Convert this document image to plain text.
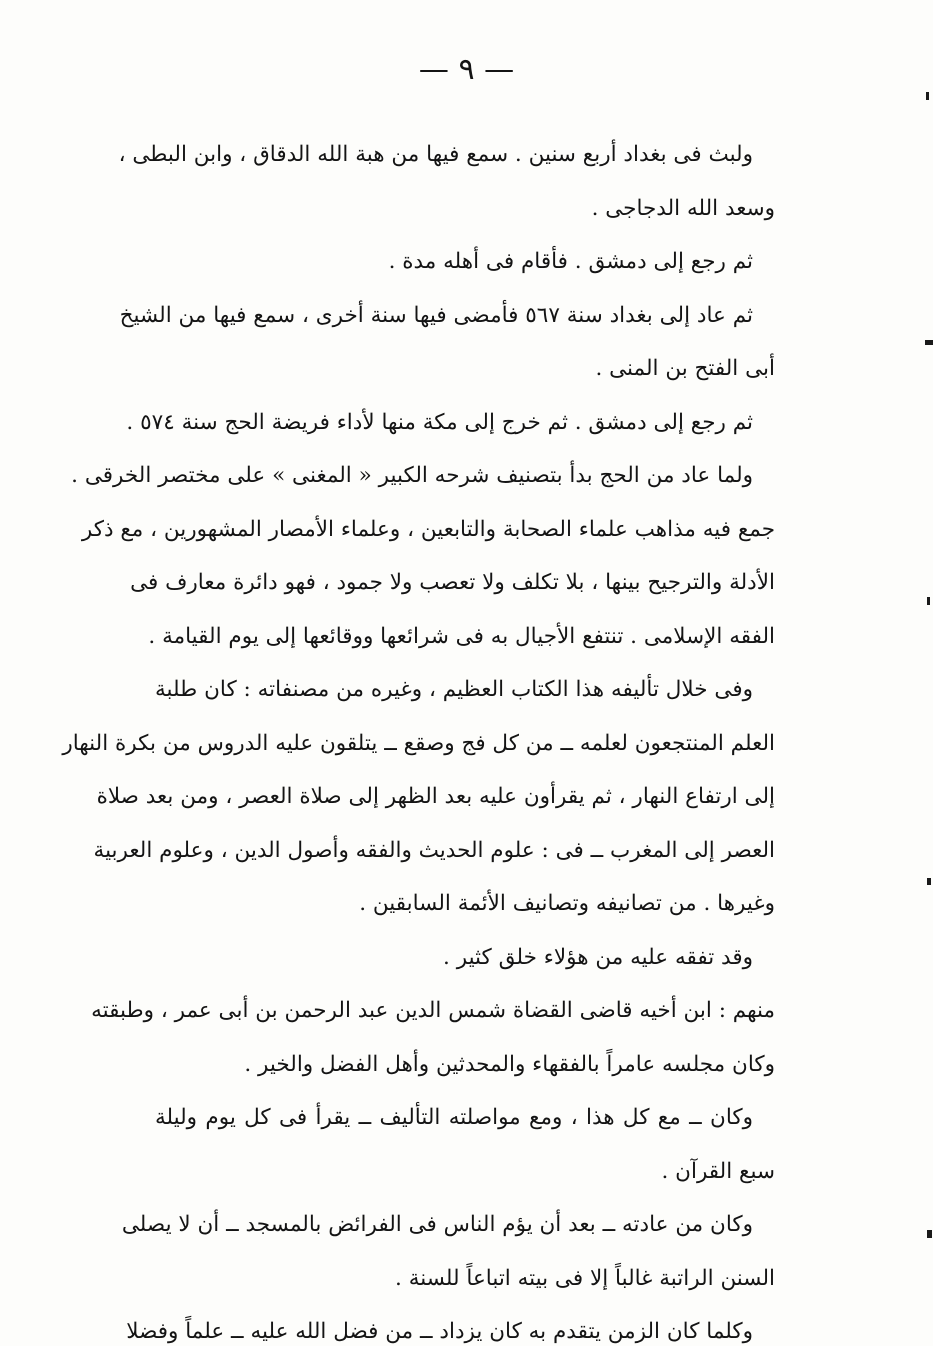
— ٩ —
ولبث فى بغداد أربع سنين . سمع فيها من هبة الله الدقاق ، وابن البطى ،
وسعد الله الدجاجى .
ثم رجع إلى دمشق . فأقام فى أهله مدة .
ثم عاد إلى بغداد سنة ٥٦٧ فأمضى فيها سنة أخرى ، سمع فيها من الشيخ
أبى الفتح بن المنى .
ثم رجع إلى دمشق . ثم خرج إلى مكة منها لأداء فريضة الحج سنة ٥٧٤ .
ولما عاد من الحج بدأ بتصنيف شرحه الكبير « المغنى » على مختصر الخرقى .
جمع فيه مذاهب علماء الصحابة والتابعين ، وعلماء الأمصار المشهورين ، مع ذكر
الأدلة والترجيح بينها ، بلا تكلف ولا تعصب ولا جمود ، فهو دائرة معارف فى
الفقه الإسلامى . تنتفع الأجيال به فى شرائعها ووقائعها إلى يوم القيامة .
وفى خلال تأليفه هذا الكتاب العظيم ، وغيره من مصنفاته : كان طلبة
العلم المنتجعون لعلمه ــ من كل فج وصقع ــ يتلقون عليه الدروس من بكرة النهار
إلى ارتفاع النهار ، ثم يقرأون عليه بعد الظهر إلى صلاة العصر ، ومن بعد صلاة
العصر إلى المغرب ــ فى : علوم الحديث والفقه وأصول الدين ، وعلوم العربية
وغيرها . من تصانيفه وتصانيف الأئمة السابقين .
وقد تفقه عليه من هؤلاء خلق كثير .
منهم : ابن أخيه قاضى القضاة شمس الدين عبد الرحمن بن أبى عمر ، وطبقته
وكان مجلسه عامراً بالفقهاء والمحدثين وأهل الفضل والخير .
وكان ــ مع كل هذا ، ومع مواصلته التأليف ــ يقرأ فى كل يوم وليلة
سبع القرآن .
وكان من عادته ــ بعد أن يؤم الناس فى الفرائض بالمسجد ــ أن لا يصلى
السنن الراتبة غالباً إلا فى بيته اتباعاً للسنة .
وكلما كان الزمن يتقدم به كان يزداد ــ من فضل الله عليه ــ علماً وفضلا
